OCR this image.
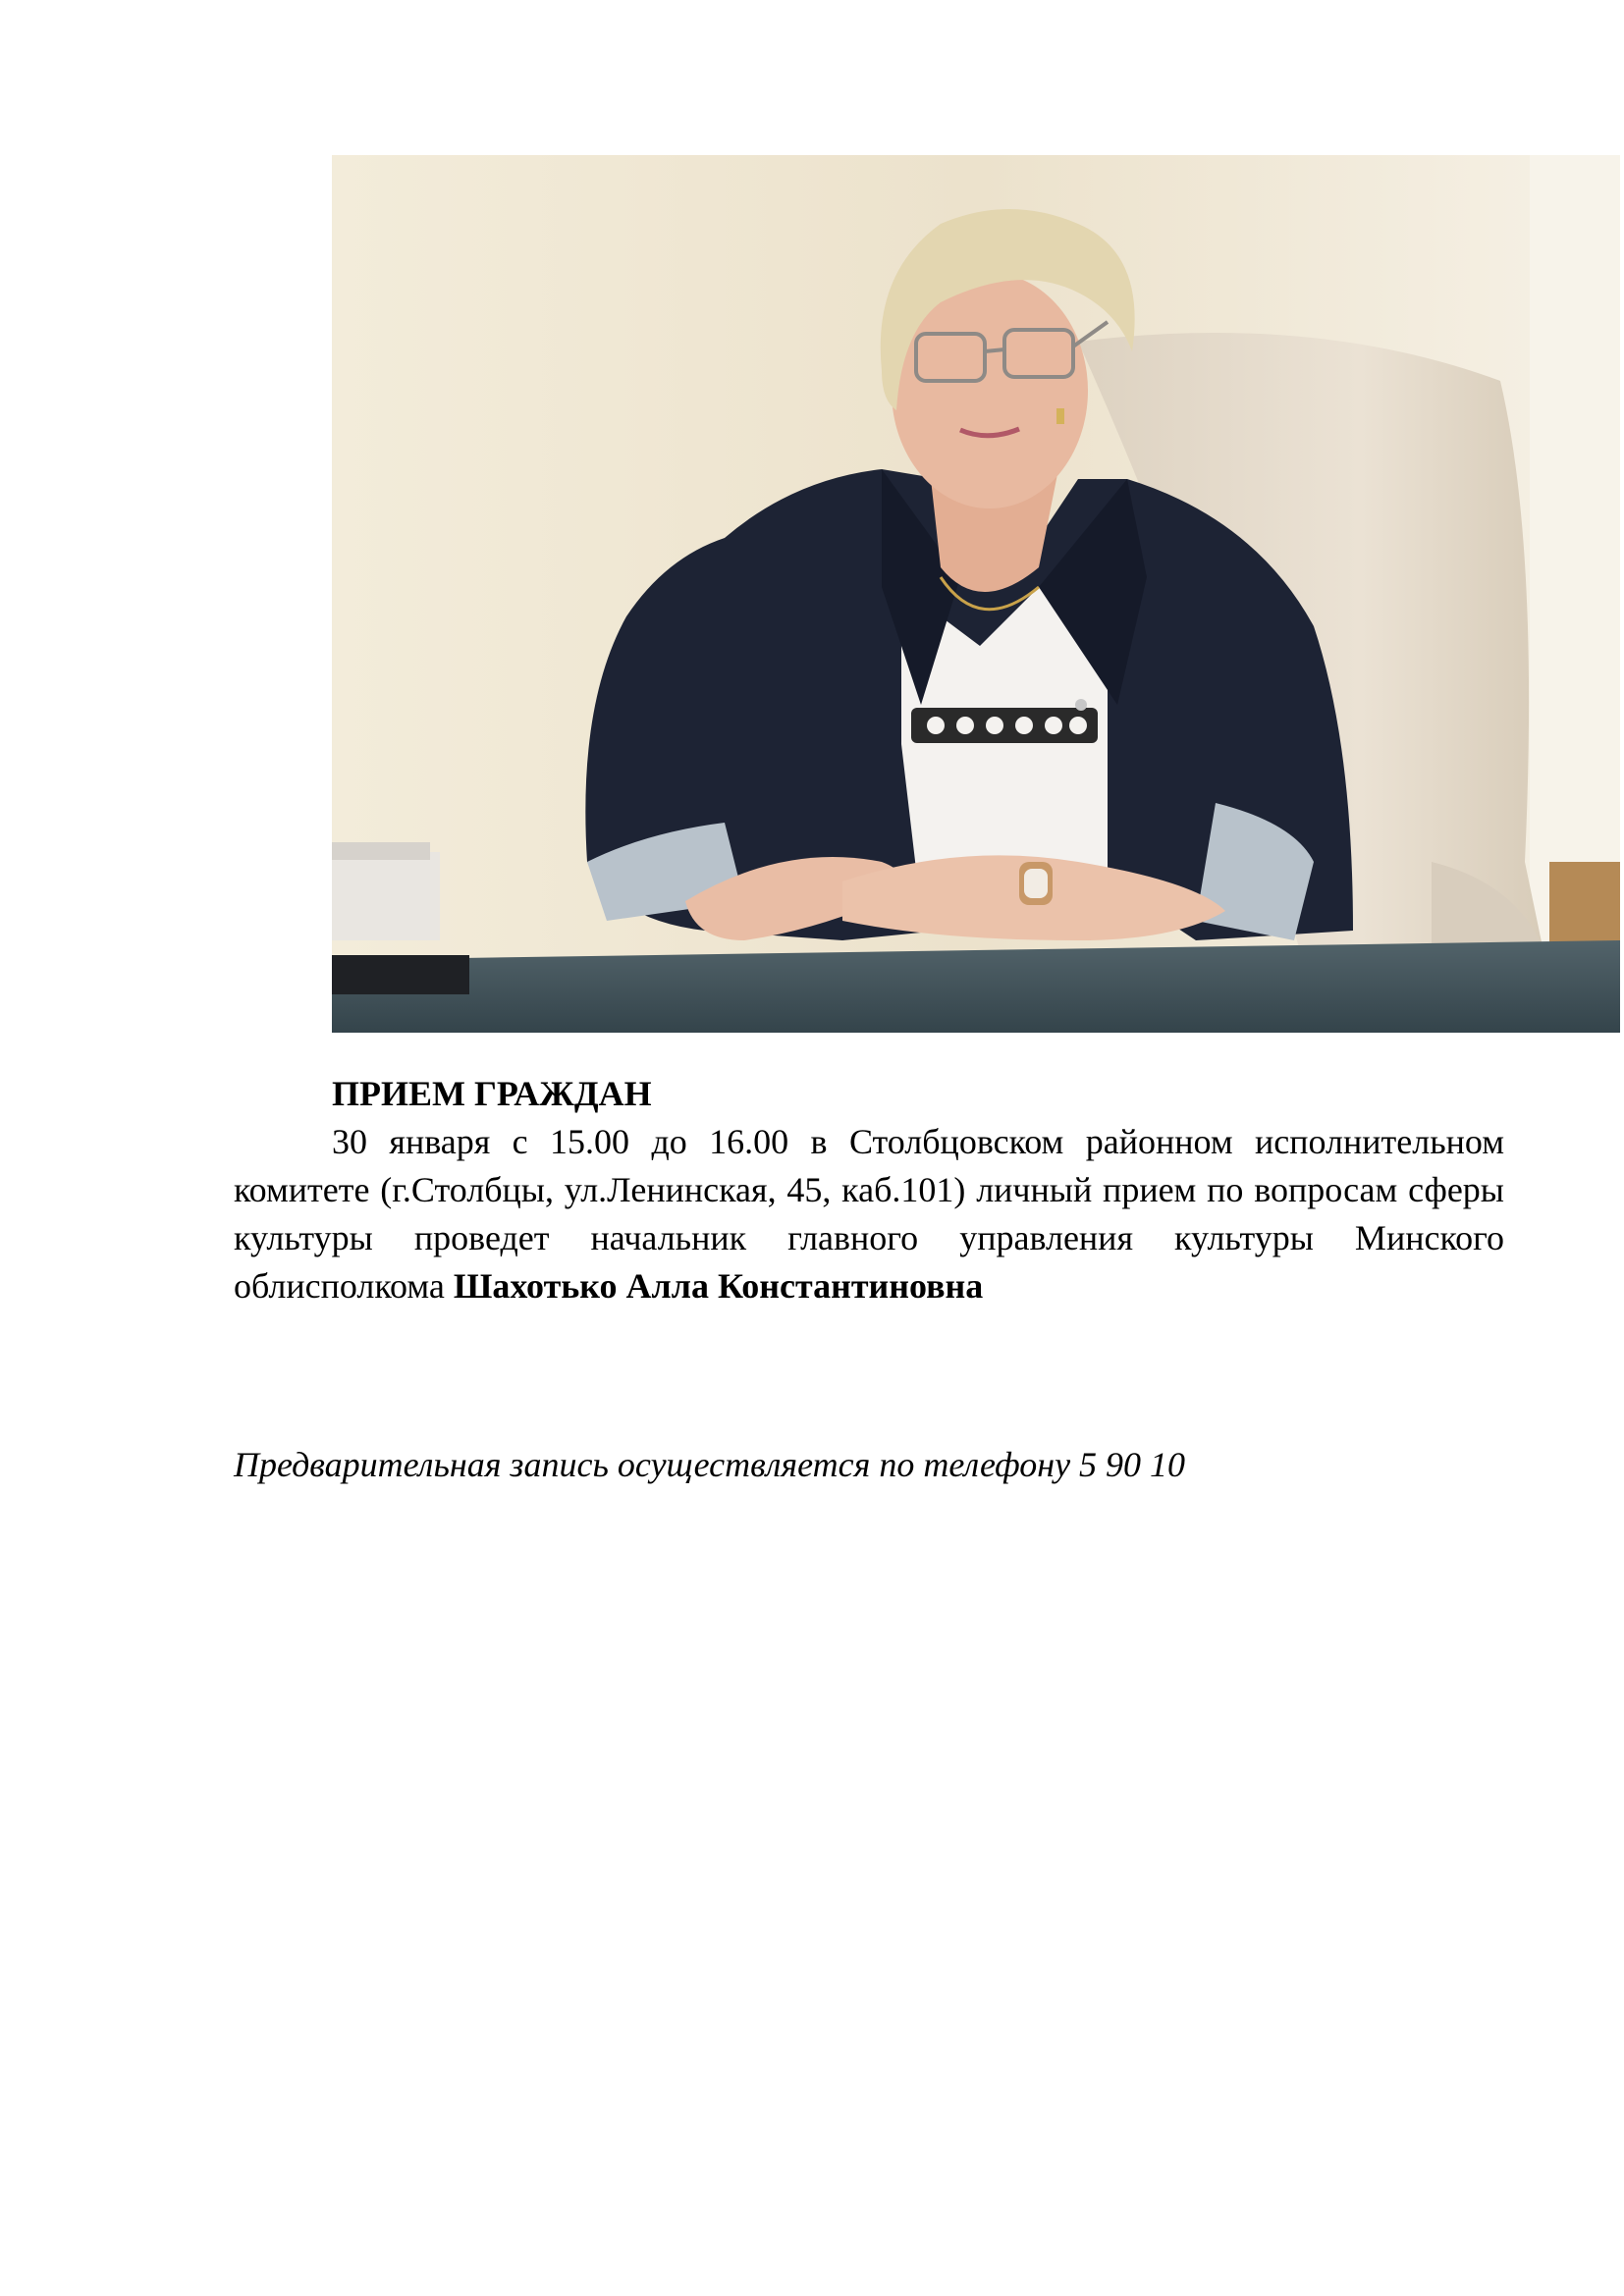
ПРИЕМ ГРАЖДАН

30 января с 15.00 до 16.00 в Столбцовском районном исполнительном комитете (г.Столбцы, ул.Ленинская, 45, каб.101) личный прием по вопросам сферы культуры проведет начальник главного управления культуры Минского облисполкома Шахотько Алла Константиновна

Предварительная запись осуществляется по телефону 5 90 10
